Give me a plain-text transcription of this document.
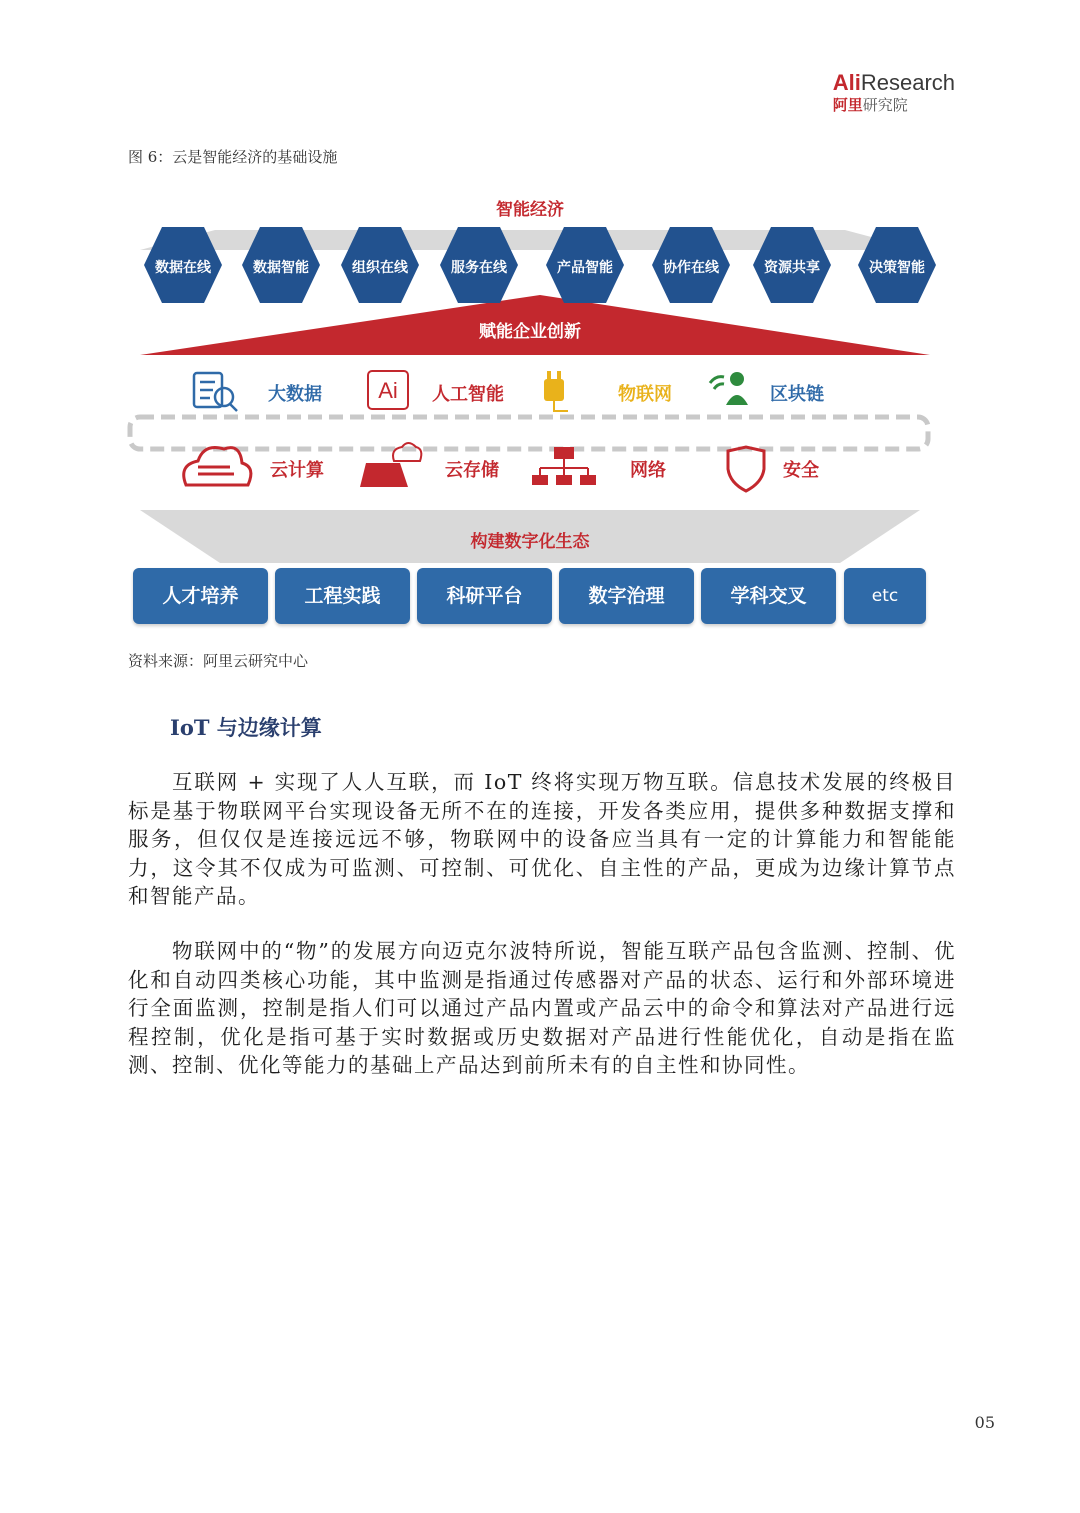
AliResearch
阿里研究院
图 6：云是智能经济的基础设施
Ai
智能经济
赋能企业创新
构建数字化生态
数据在线	数据智能	组织在线	服务在线	产品智能	协作在线	资源共享	决策智能
大数据	人工智能	物联网	区块链
云计算	云存储	网络	安全
人才培养	工程实践	科研平台	数字治理	学科交叉	etc
资料来源：阿里云研究中心
IoT 与边缘计算

互联网 + 实现了人人互联，而 IoT 终将实现万物互联。信息技术发展的终极目标是基于物联网平台实现设备无所不在的连接，开发各类应用，提供多种数据支撑和服务，但仅仅是连接远远不够，物联网中的设备应当具有一定的计算能力和智能能力，这令其不仅成为可监测、可控制、可优化、自主性的产品，更成为边缘计算节点和智能产品。

物联网中的“物”的发展方向迈克尔波特所说，智能互联产品包含监测、控制、优化和自动四类核心功能，其中监测是指通过传感器对产品的状态、运行和外部环境进行全面监测，控制是指人们可以通过产品内置或产品云中的命令和算法对产品进行远程控制，优化是指可基于实时数据或历史数据对产品进行性能优化，自动是指在监测、控制、优化等能力的基础上产品达到前所未有的自主性和协同性。

05
